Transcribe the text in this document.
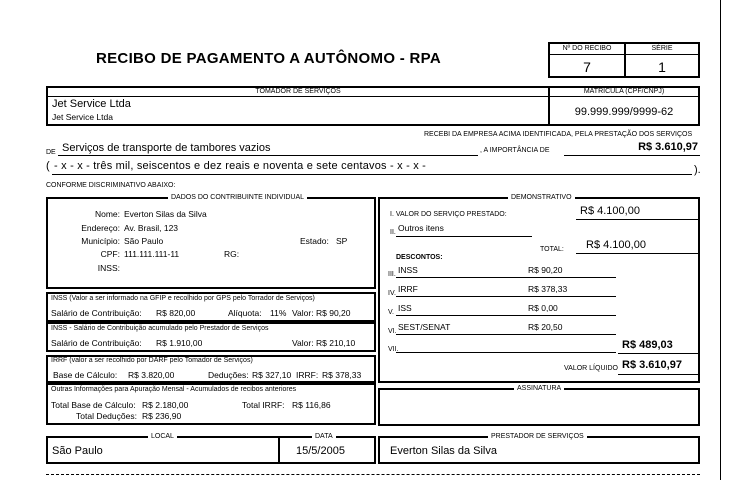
RECIBO DE PAGAMENTO A AUTÔNOMO - RPA
Nº DO RECIBO	SÉRIE
7	1
TOMADOR DE SERVIÇOS	MATRÍCULA (CPF/CNPJ)
Jet Service Ltda
Jet Service Ltda	99.999.999/9999-62
RECEBI DA EMPRESA ACIMA IDENTIFICADA, PELA PRESTAÇÃO DOS SERVIÇOS
DE Serviços de transporte de tambores vazios	, A IMPORTÂNCIA DE	R$ 3.610,97
( - x - x - três mil, seiscentos e dez reais e noventa e sete centavos - x - x -	).
CONFORME DISCRIMINATIVO ABAIXO:
DADOS DO CONTRIBUINTE INDIVIDUAL
Nome: Everton Silas da Silva
Endereço: Av. Brasil, 123
Município: São Paulo	Estado: SP
CPF: 111.111.111-11	RG:
INSS:
INSS (Valor a ser informado na GFIP e recolhido por GPS pelo Torrador de Serviços)
Salário de Contribuição: R$ 820,00	Alíquota: 11% Valor: R$ 90,20
INSS - Salário de Contribuição acumulado pelo Prestador de Serviços
Salário de Contribuição: R$ 1.910,00	Valor: R$ 210,10
IRRF (valor a ser recolhido por DARF pelo Tomador de Serviços)
Base de Cálculo: R$ 3.820,00	Deduções: R$ 327,10 IRRF: R$ 378,33
Outras Informações para Apuração Mensal - Acumulados de recibos anteriores
Total Base de Cálculo: R$ 2.180,00	Total IRRF: R$ 116,86
Total Deduções: R$ 236,90
DEMONSTRATIVO
I. VALOR DO SERVIÇO PRESTADO:	R$ 4.100,00
II. Outros itens
TOTAL: R$ 4.100,00
DESCONTOS:
III. INSS	R$ 90,20
IV. IRRF	R$ 378,33
V. ISS	R$ 0,00
VI. SEST/SENAT	R$ 20,50
VII.	R$ 489,03
VALOR LÍQUIDO R$ 3.610,97
ASSINATURA
LOCAL	DATA
São Paulo	15/5/2005
PRESTADOR DE SERVIÇOS
Everton Silas da Silva
